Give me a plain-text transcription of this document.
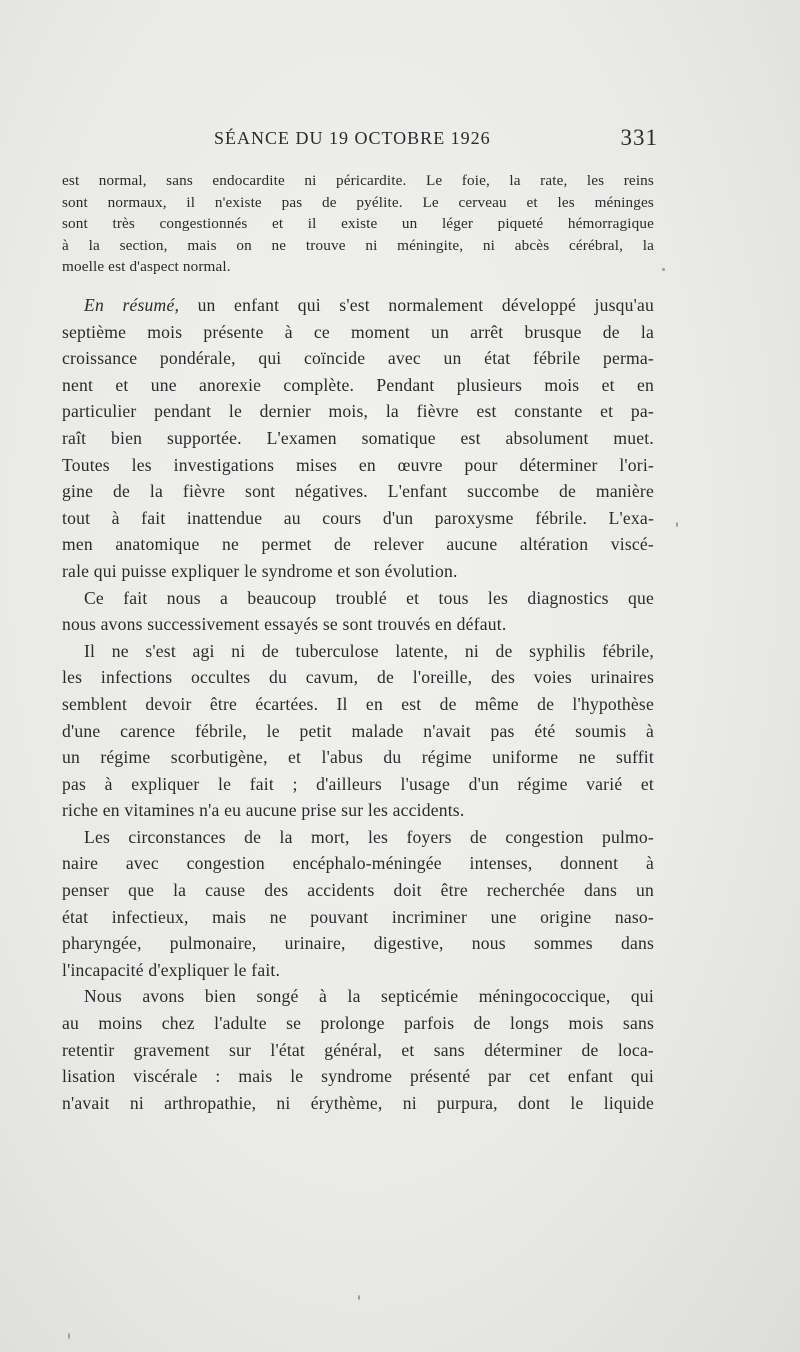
SÉANCE DU 19 OCTOBRE 1926	331
est normal, sans endocardite ni péricardite. Le foie, la rate, les reins
sont normaux, il n'existe pas de pyélite. Le cerveau et les méninges
sont très congestionnés et il existe un léger piqueté hémorragique
à la section, mais on ne trouve ni méningite, ni abcès cérébral, la
moelle est d'aspect normal.

En résumé, un enfant qui s'est normalement développé jusqu'au
septième mois présente à ce moment un arrêt brusque de la
croissance pondérale, qui coïncide avec un état fébrile perma-
nent et une anorexie complète. Pendant plusieurs mois et en
particulier pendant le dernier mois, la fièvre est constante et pa-
raît bien supportée. L'examen somatique est absolument muet.
Toutes les investigations mises en œuvre pour déterminer l'ori-
gine de la fièvre sont négatives. L'enfant succombe de manière
tout à fait inattendue au cours d'un paroxysme fébrile. L'exa-
men anatomique ne permet de relever aucune altération viscé-
rale qui puisse expliquer le syndrome et son évolution.

Ce fait nous a beaucoup troublé et tous les diagnostics que
nous avons successivement essayés se sont trouvés en défaut.

Il ne s'est agi ni de tuberculose latente, ni de syphilis fébrile,
les infections occultes du cavum, de l'oreille, des voies urinaires
semblent devoir être écartées. Il en est de même de l'hypothèse
d'une carence fébrile, le petit malade n'avait pas été soumis à
un régime scorbutigène, et l'abus du régime uniforme ne suffit
pas à expliquer le fait ; d'ailleurs l'usage d'un régime varié et
riche en vitamines n'a eu aucune prise sur les accidents.

Les circonstances de la mort, les foyers de congestion pulmo-
naire avec congestion encéphalo-méningée intenses, donnent à
penser que la cause des accidents doit être recherchée dans un
état infectieux, mais ne pouvant incriminer une origine naso-
pharyngée, pulmonaire, urinaire, digestive, nous sommes dans
l'incapacité d'expliquer le fait.

Nous avons bien songé à la septicémie méningococcique, qui
au moins chez l'adulte se prolonge parfois de longs mois sans
retentir gravement sur l'état général, et sans déterminer de loca-
lisation viscérale : mais le syndrome présenté par cet enfant qui
n'avait ni arthropathie, ni érythème, ni purpura, dont le liquide
